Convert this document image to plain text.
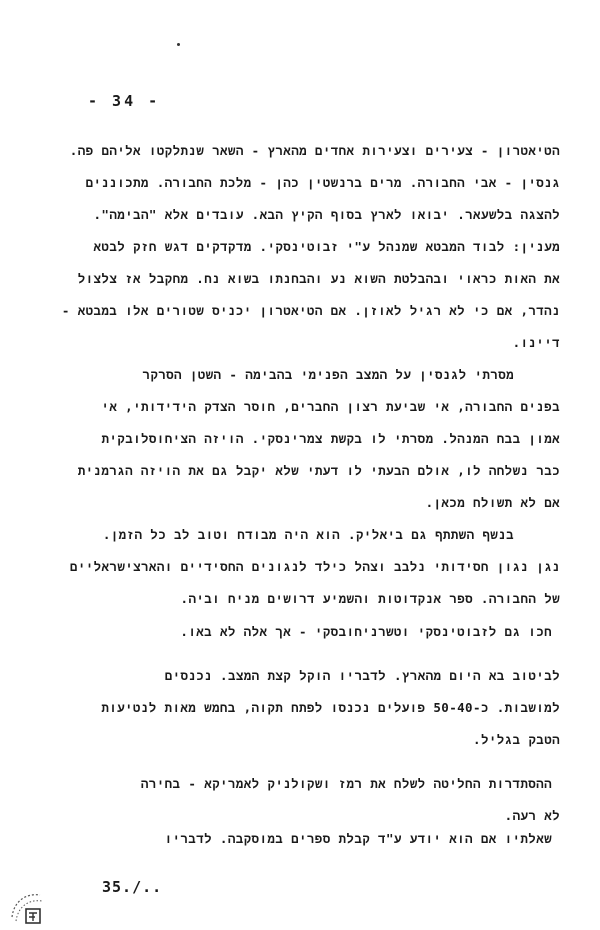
- 34 -
הטיאטרון - צעירים וצעירות אחדים מהארץ - השאר שנתלקטו אליהם פה.
גנסין - אבי החבורה. מרים ברנשטין כהן - מלכת החבורה. מתכוננים
להצגה בלשעאר. יבואו לארץ בסוף הקיץ הבא. עובדים אלא "הבימה".
מענין: לבוד המבטא שמנהל ע"י זבוטינסקי. מדקדקים דגש חזק לבטא
את האות כראוי ובהבלטת השוא נע והבחנתו בשוא נח. מחקבל אז צלצול
נהדר, אם כי לא רגיל לאוזן. אם הטיאטרון יכניס שטורים אלו במבטא -
דיינו.
מסרתי לגנסין על המצב הפנימי בהבימה - השטן הסרקר
בפנים החבורה, אי שביעת רצון החברים, חוסר הצדק הידידותי, אי
אמון בבח המנהל. מסרתי לו בקשת צמרינסקי. הויזה הציחוסלובקית
כבר נשלחה לו, אולם הבעתי לו דעתי שלא יקבל גם את הויזה הגרמנית
אם לא תשולח מכאן.
בנשף השתתף גם ביאליק. הוא היה מבודח וטוב לב כל הזמן.
נגן נגון חסידותי נלבב וצהל כילד לנגונים החסידיים והארצישראליים
של החבורה. ספר אנקדוטות והשמיע דרושים מניח וביה.
חכו גם לזבוטינסקי וטשרניחובסקי - אך אלה לא באו.
לביטוב בא היום מהארץ. לדבריו הוקל קצת המצב. נכנסים
למושבות. כ-50-40 פועלים נכנסו לפתח תקוה, בחמש מאות לנטיעות
הטבק בגליל.
ההסתדרות החליטה לשלח את רמז ושקולניק לאמריקא - בחירה
לא רעה.
שאלתיו אם הוא יודע ע"ד קבלת ספרים במוסקבה. לדבריו
35./..
